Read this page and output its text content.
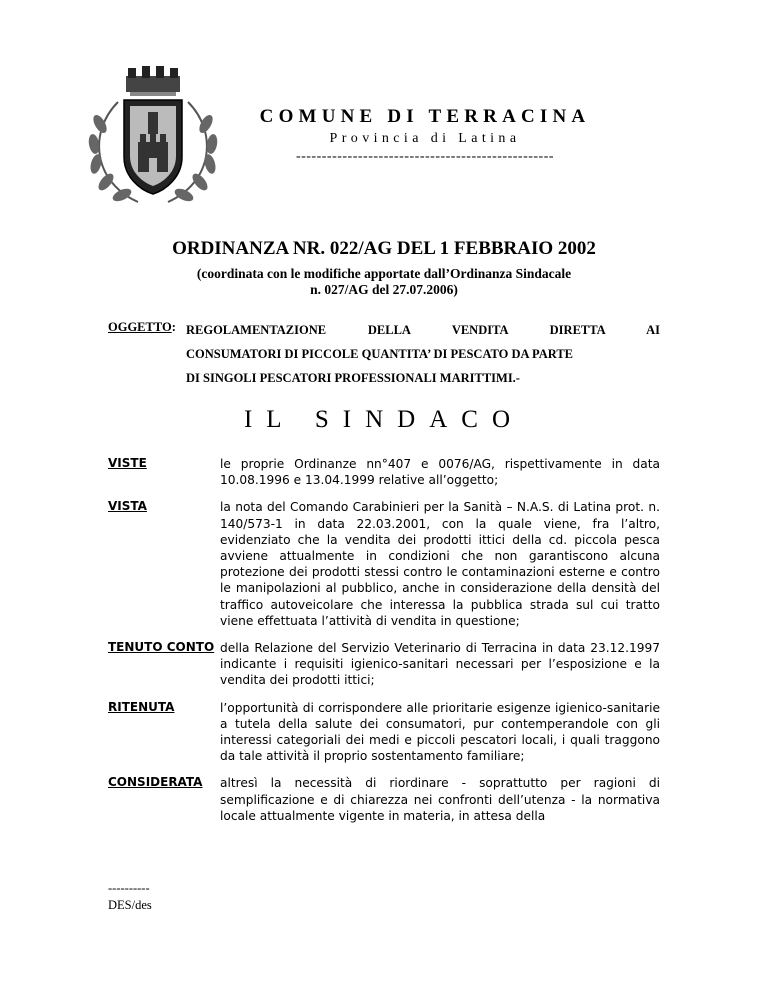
COMUNE DI TERRACINA
Provincia di Latina
--------------------------------------------------
ORDINANZA NR. 022/AG DEL 1 FEBBRAIO 2002
(coordinata con le modifiche apportate dall’Ordinanza Sindacale
n. 027/AG del 27.07.2006)
OGGETTO: REGOLAMENTAZIONE DELLA VENDITA DIRETTA AI
CONSUMATORI DI PICCOLE QUANTITA’ DI PESCATO DA PARTE
DI SINGOLI PESCATORI PROFESSIONALI MARITTIMI.-
IL SINDACO
VISTE	le proprie Ordinanze nn°407 e 0076/AG, rispettivamente in data 10.08.1996 e 13.04.1999 relative all’oggetto;
VISTA	la nota del Comando Carabinieri per la Sanità – N.A.S. di Latina prot. n. 140/573-1 in data 22.03.2001, con la quale viene, fra l’altro, evidenziato che la vendita dei prodotti ittici della cd. piccola pesca avviene attualmente in condizioni che non garantiscono alcuna protezione dei prodotti stessi contro le contaminazioni esterne e contro le manipolazioni al pubblico, anche in considerazione della densità del traffico autoveicolare che interessa la pubblica strada sul cui tratto viene effettuata l’attività di vendita in questione;
TENUTO CONTO della Relazione del Servizio Veterinario di Terracina in data 23.12.1997 indicante i requisiti igienico-sanitari necessari per l’esposizione e la vendita dei prodotti ittici;
RITENUTA	l’opportunità di corrispondere alle prioritarie esigenze igienico-sanitarie a tutela della salute dei consumatori, pur contemperandole con gli interessi categoriali dei medi e piccoli pescatori locali, i quali traggono da tale attività il proprio sostentamento familiare;
CONSIDERATA altresì la necessità di riordinare - soprattutto per ragioni di semplificazione e di chiarezza nei confronti dell’utenza - la normativa locale attualmente vigente in materia, in attesa della
----------
DES/des
